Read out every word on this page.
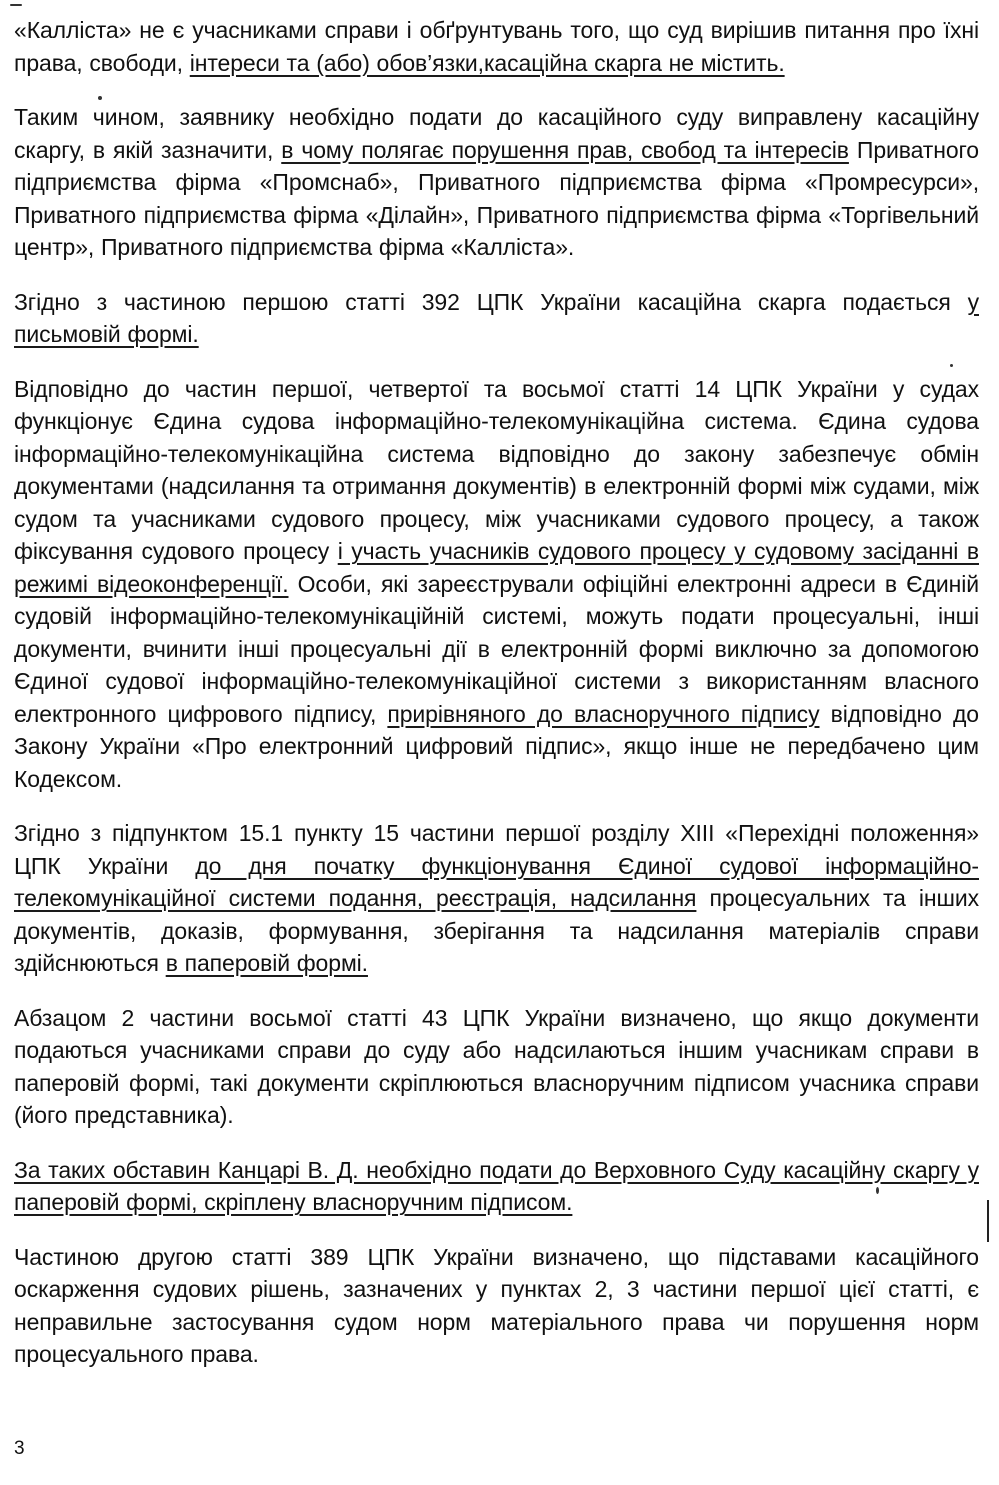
«Калліста» не є учасниками справи і обґрунтувань того, що суд вирішив питання про їхні права, свободи, інтереси та (або) обов’язки,касаційна скарга не містить.

Таким чином, заявнику необхідно подати до касаційного суду виправлену касаційну скаргу, в якій зазначити, в чому полягає порушення прав, свобод та інтересів Приватного підприємства фірма «Промснаб», Приватного підприємства фірма «Промресурси», Приватного підприємства фірма «Ділайн», Приватного підприємства фірма «Торгівельний центр», Приватного підприємства фірма «Калліста».

Згідно з частиною першою статті 392 ЦПК України касаційна скарга подається у письмовій формі.

Відповідно до частин першої, четвертої та восьмої статті 14 ЦПК України у судах функціонує Єдина судова інформаційно-телекомунікаційна система. Єдина судова інформаційно-телекомунікаційна система відповідно до закону забезпечує обмін документами (надсилання та отримання документів) в електронній формі між судами, між судом та учасниками судового процесу, між учасниками судового процесу, а також фіксування судового процесу і участь учасників судового процесу у судовому засіданні в режимі відеоконференції. Особи, які зареєстрували офіційні електронні адреси в Єдиній судовій інформаційно-телекомунікаційній системі, можуть подати процесуальні, інші документи, вчинити інші процесуальні дії в електронній формі виключно за допомогою Єдиної судової інформаційно-телекомунікаційної системи з використанням власного електронного цифрового підпису, прирівняного до власноручного підпису відповідно до Закону України «Про електронний цифровий підпис», якщо інше не передбачено цим Кодексом.

Згідно з підпунктом 15.1 пункту 15 частини першої розділу XIII «Перехідні положення» ЦПК України до дня початку функціонування Єдиної судової інформаційно-телекомунікаційної системи подання, реєстрація, надсилання процесуальних та інших документів, доказів, формування, зберігання та надсилання матеріалів справи здійснюються в паперовій формі.

Абзацом 2 частини восьмої статті 43 ЦПК України визначено, що якщо документи подаються учасниками справи до суду або надсилаються іншим учасникам справи в паперовій формі, такі документи скріплюються власноручним підписом учасника справи (його представника).

За таких обставин Канцарі В. Д. необхідно подати до Верховного Суду касаційну скаргу у паперовій формі, скріплену власноручним підписом.

Частиною другою статті 389 ЦПК України визначено, що підставами касаційного оскарження судових рішень, зазначених у пунктах 2, 3 частини першої цієї статті, є неправильне застосування судом норм матеріального права чи порушення норм процесуального права.

3
